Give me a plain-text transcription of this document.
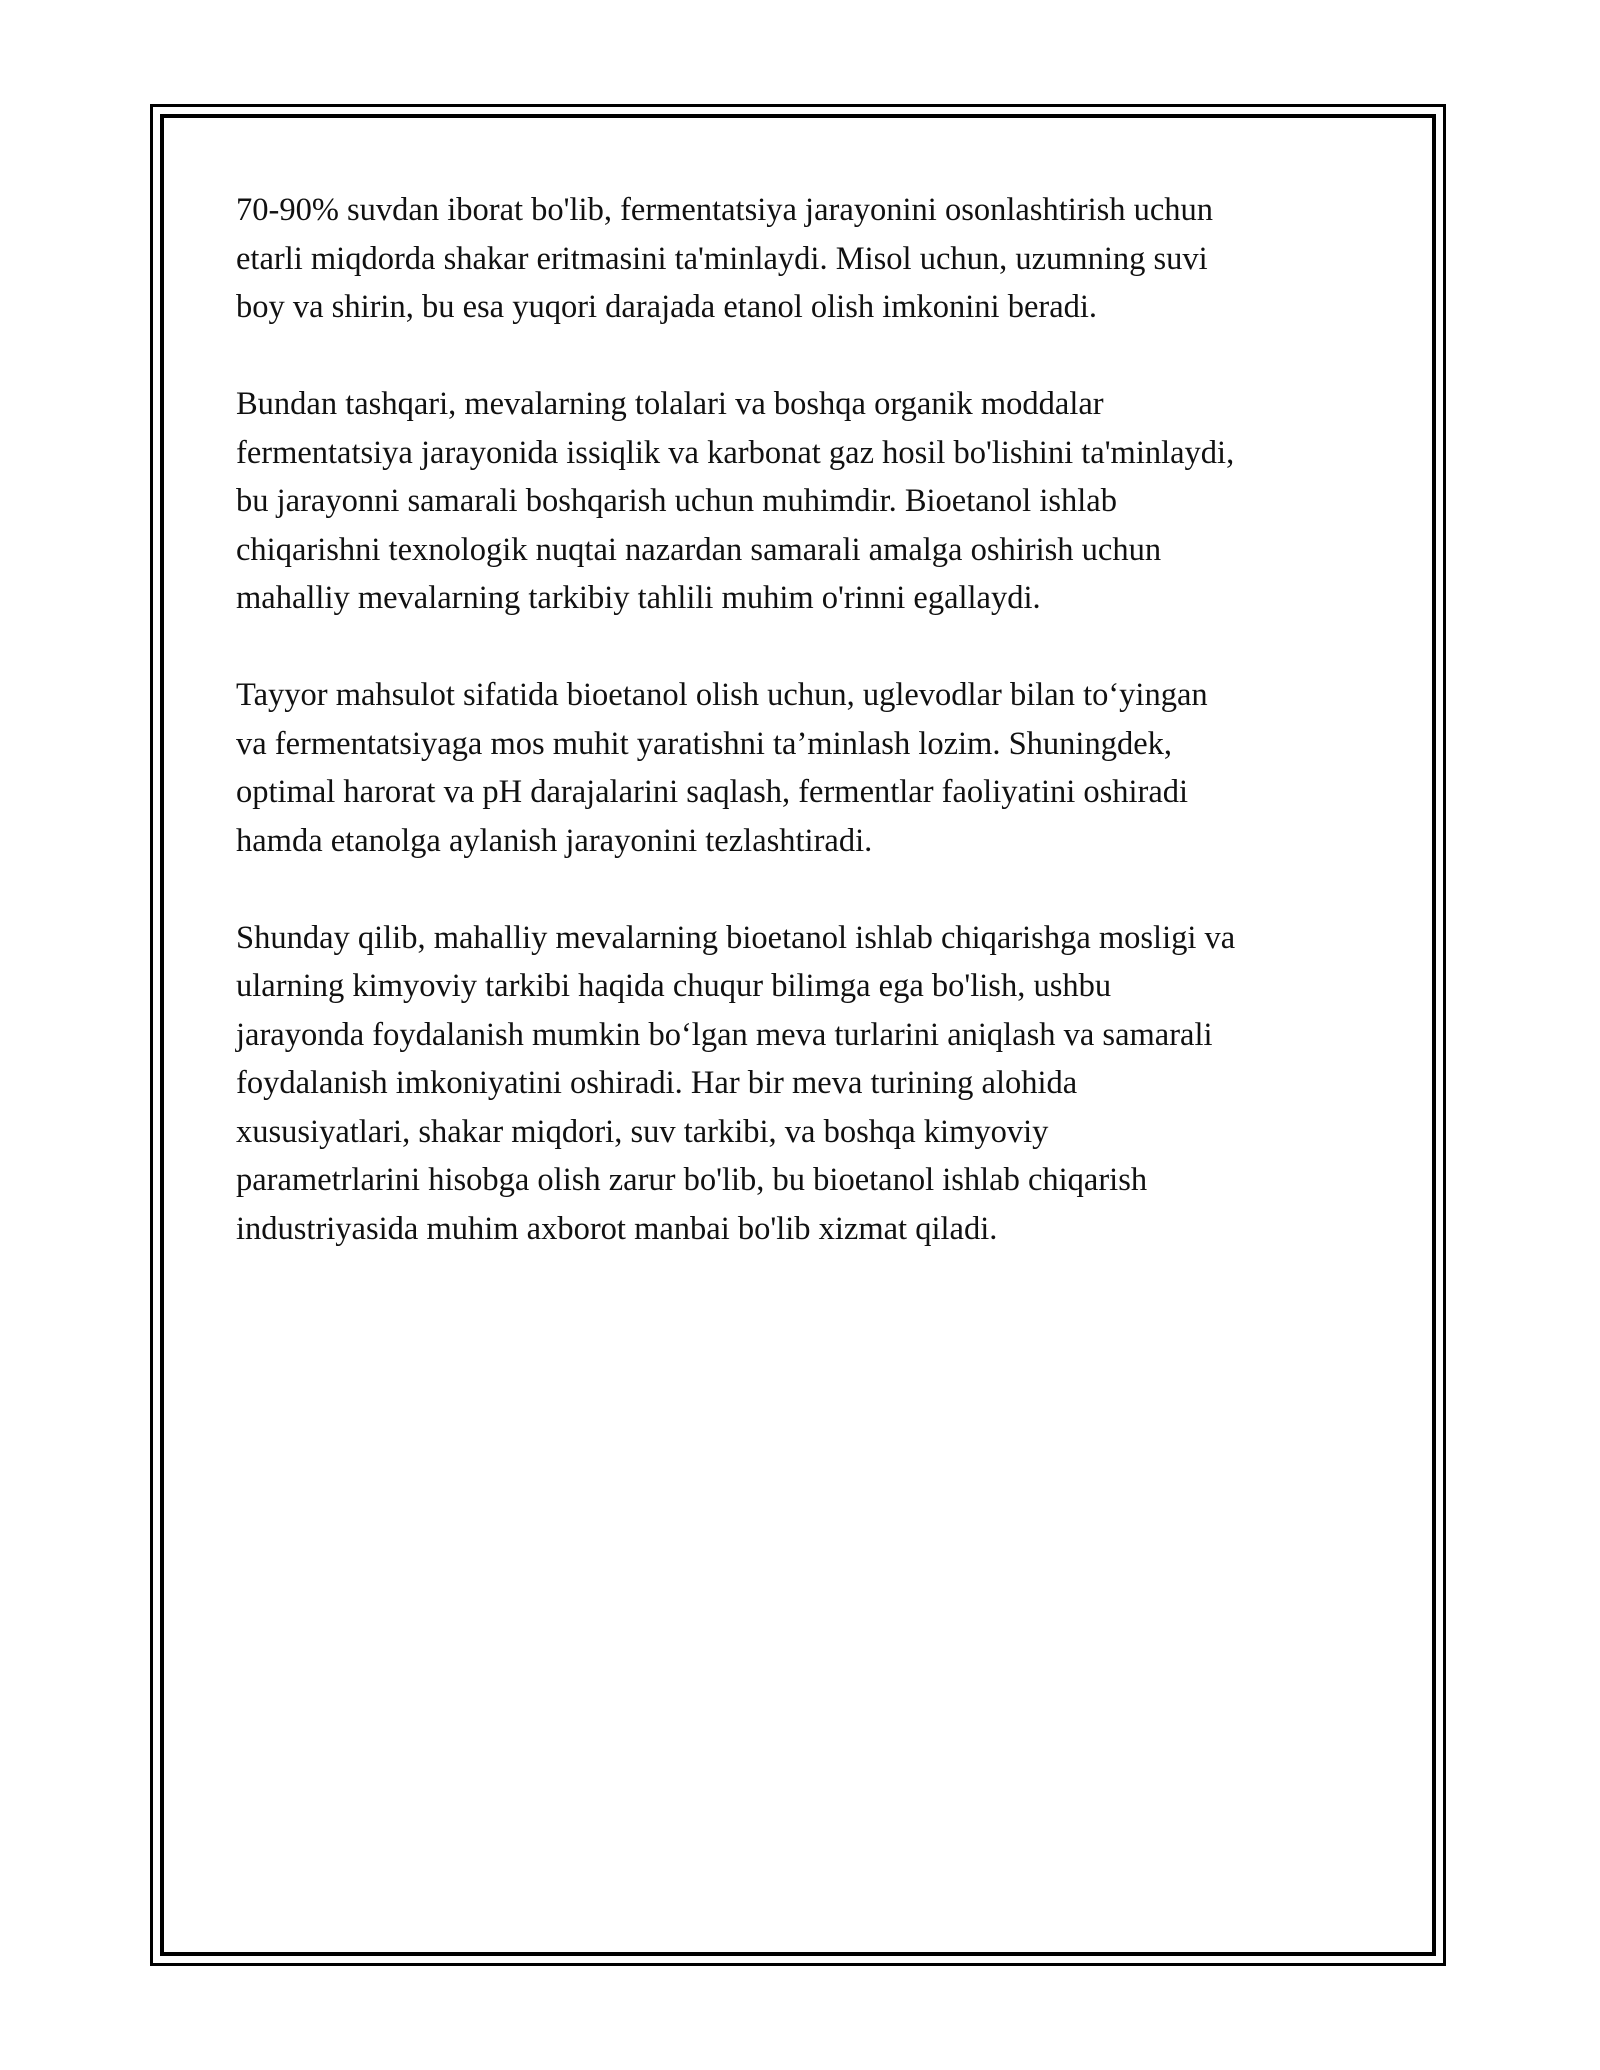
70-90% suvdan iborat bo'lib, fermentatsiya jarayonini osonlashtirish uchun
etarli miqdorda shakar eritmasini ta'minlaydi. Misol uchun, uzumning suvi
boy va shirin, bu esa yuqori darajada etanol olish imkonini beradi.

Bundan tashqari, mevalarning tolalari va boshqa organik moddalar
fermentatsiya jarayonida issiqlik va karbonat gaz hosil bo'lishini ta'minlaydi,
bu jarayonni samarali boshqarish uchun muhimdir. Bioetanol ishlab
chiqarishni texnologik nuqtai nazardan samarali amalga oshirish uchun
mahalliy mevalarning tarkibiy tahlili muhim o'rinni egallaydi.

Tayyor mahsulot sifatida bioetanol olish uchun, uglevodlar bilan to‘yingan
va fermentatsiyaga mos muhit yaratishni ta’minlash lozim. Shuningdek,
optimal harorat va pH darajalarini saqlash, fermentlar faoliyatini oshiradi
hamda etanolga aylanish jarayonini tezlashtiradi.

Shunday qilib, mahalliy mevalarning bioetanol ishlab chiqarishga mosligi va
ularning kimyoviy tarkibi haqida chuqur bilimga ega bo'lish, ushbu
jarayonda foydalanish mumkin bo‘lgan meva turlarini aniqlash va samarali
foydalanish imkoniyatini oshiradi. Har bir meva turining alohida
xususiyatlari, shakar miqdori, suv tarkibi, va boshqa kimyoviy
parametrlarini hisobga olish zarur bo'lib, bu bioetanol ishlab chiqarish
industriyasida muhim axborot manbai bo'lib xizmat qiladi.
